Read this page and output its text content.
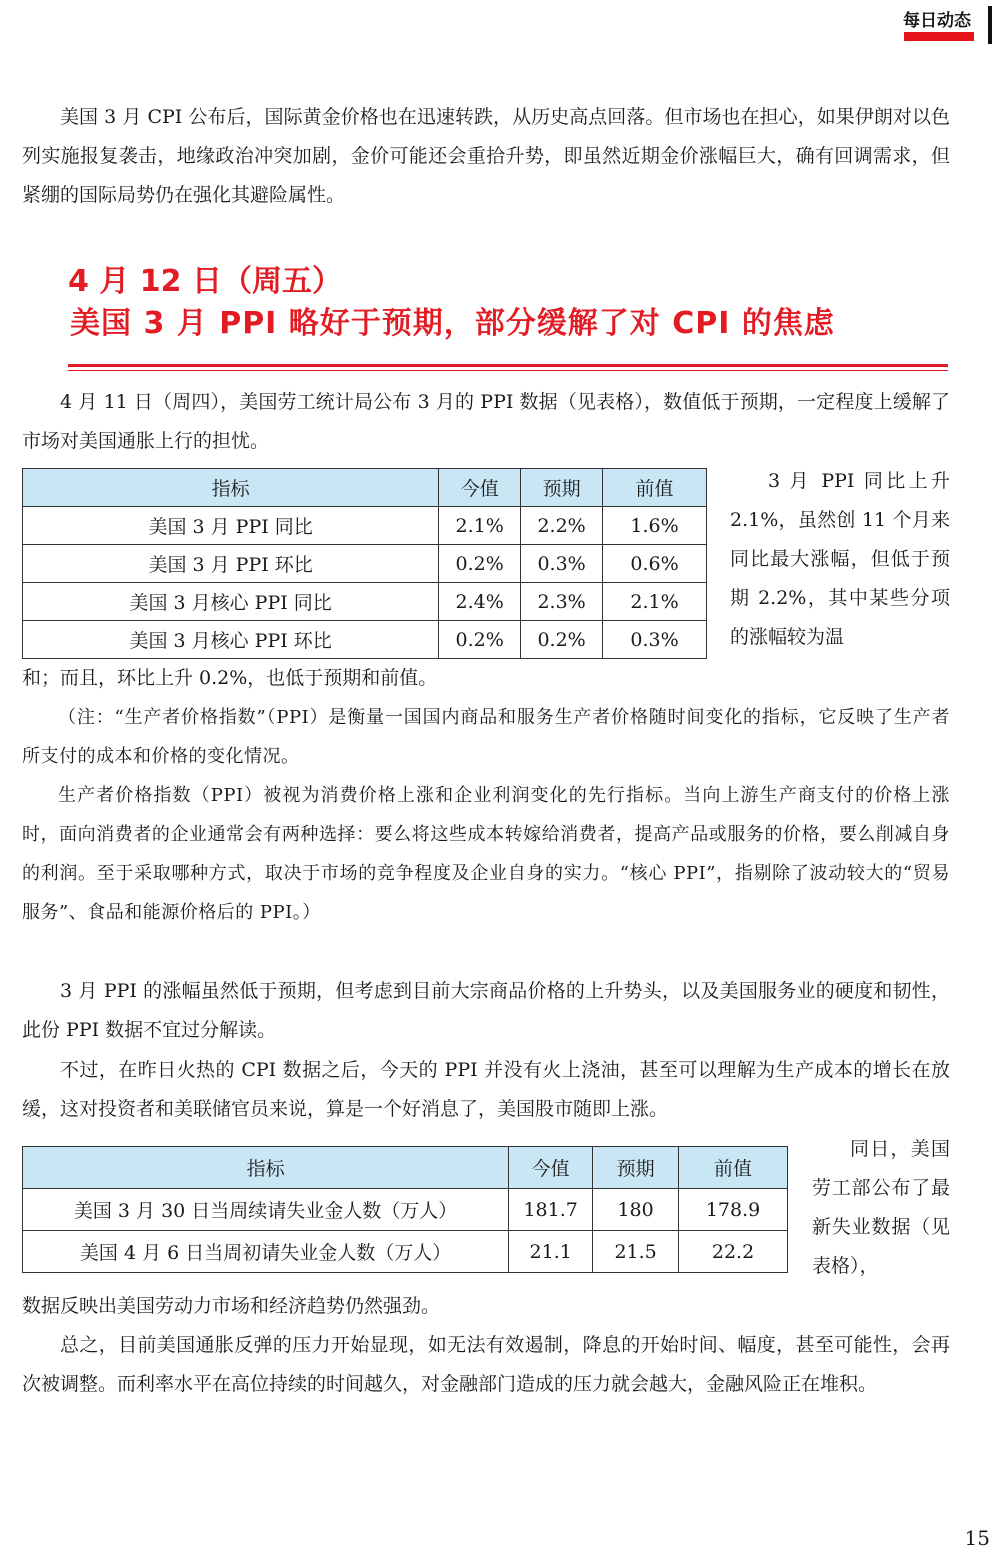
每日动态

美国 3 月 CPI 公布后，国际黄金价格也在迅速转跌，从历史高点回落。但市场也在担心，如果伊朗对以色列实施报复袭击，地缘政治冲突加剧，金价可能还会重拾升势，即虽然近期金价涨幅巨大，确有回调需求，但紧绷的国际局势仍在强化其避险属性。

4 月 12 日（周五）
美国 3 月 PPI 略好于预期，部分缓解了对 CPI 的焦虑

4 月 11 日（周四），美国劳工统计局公布 3 月的 PPI 数据（见表格），数值低于预期，一定程度上缓解了市场对美国通胀上行的担忧。

指标	今值	预期	前值
美国 3 月 PPI 同比	2.1%	2.2%	1.6%
美国 3 月 PPI 环比	0.2%	0.3%	0.6%
美国 3 月核心 PPI 同比	2.4%	2.3%	2.1%
美国 3 月核心 PPI 环比	0.2%	0.2%	0.3%

3 月 PPI 同比上升 2.1%，虽然创 11 个月来同比最大涨幅，但低于预期 2.2%，其中某些分项的涨幅较为温

和；而且，环比上升 0.2%，也低于预期和前值。

（注：“生产者价格指数”（PPI）是衡量一国国内商品和服务生产者价格随时间变化的指标，它反映了生产者所支付的成本和价格的变化情况。

生产者价格指数（PPI）被视为消费价格上涨和企业利润变化的先行指标。当向上游生产商支付的价格上涨时，面向消费者的企业通常会有两种选择：要么将这些成本转嫁给消费者，提高产品或服务的价格，要么削减自身的利润。至于采取哪种方式，取决于市场的竞争程度及企业自身的实力。“核心 PPI”，指剔除了波动较大的“贸易服务”、食品和能源价格后的 PPI。）

3 月 PPI 的涨幅虽然低于预期，但考虑到目前大宗商品价格的上升势头，以及美国服务业的硬度和韧性，此份 PPI 数据不宜过分解读。

不过，在昨日火热的 CPI 数据之后，今天的 PPI 并没有火上浇油，甚至可以理解为生产成本的增长在放缓，这对投资者和美联储官员来说，算是一个好消息了，美国股市随即上涨。

指标	今值	预期	前值
美国 3 月 30 日当周续请失业金人数（万人）	181.7	180	178.9
美国 4 月 6 日当周初请失业金人数（万人）	21.1	21.5	22.2

同日，美国劳工部公布了最新失业数据（见表格），

数据反映出美国劳动力市场和经济趋势仍然强劲。

总之，目前美国通胀反弹的压力开始显现，如无法有效遏制，降息的开始时间、幅度，甚至可能性，会再次被调整。而利率水平在高位持续的时间越久，对金融部门造成的压力就会越大，金融风险正在堆积。

15
